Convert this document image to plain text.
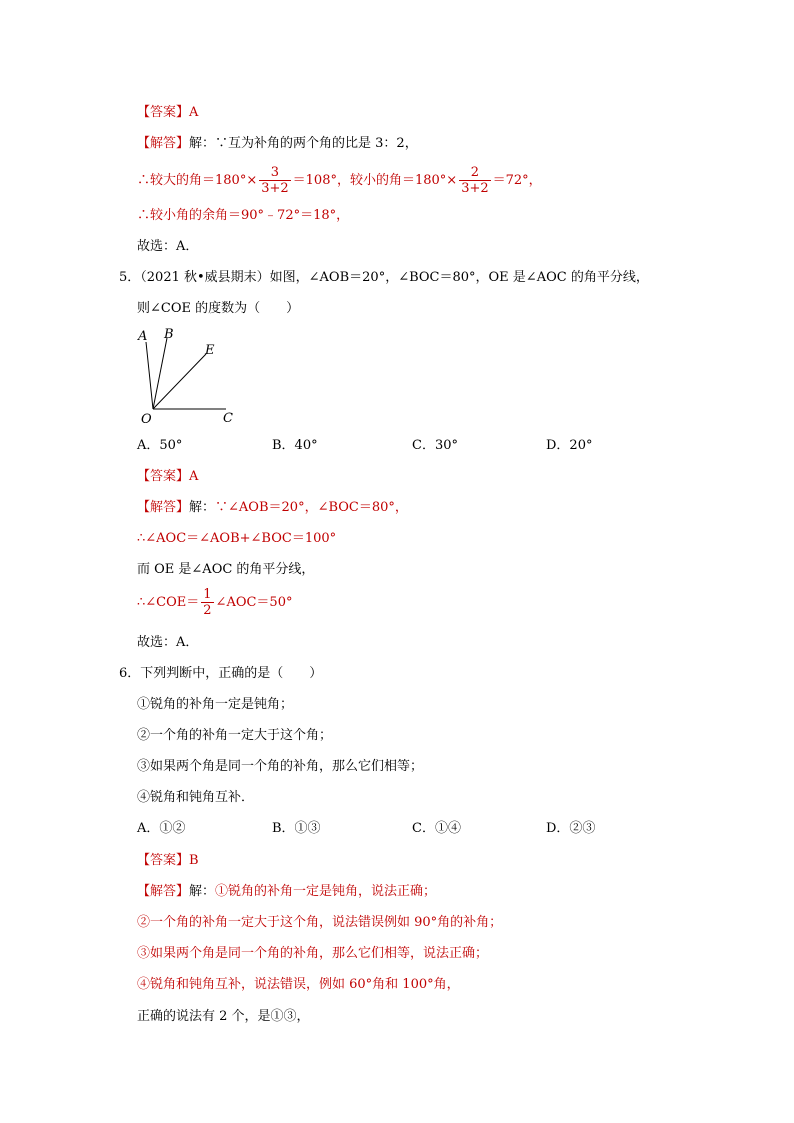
【答案】A
【解答】解：∵互为补角的两个角的比是 3：2，
∴较大的角$=180^\circ\times \frac{3}{3+2} =108^\circ$，较小的角$=180^\circ\times \frac{2}{3+2} =72^\circ$，
∴较小角的余角＝90°﹣72°＝18°，
故选：A．
5．（2021 秋•威县期末）如图，∠AOB＝20°，∠BOC＝80°，OE 是∠AOC 的角平分线，
则∠COE 的度数为（　　）
A B
E
O	C
A．50°	B．40°	C．30°	D．20°
【答案】A
【解答】解：∵∠AOB＝20°，∠BOC＝80°，
∴∠AOC＝∠AOB+∠BOC＝100°
而 OE 是∠AOC 的角平分线，
∴∠COE＝ $\frac{1}{2}$ ∠AOC＝50°
故选：A．
6．下列判断中，正确的是（　　）
①锐角的补角一定是钝角；
②一个角的补角一定大于这个角；
③如果两个角是同一个角的补角，那么它们相等；
④锐角和钝角互补．
A．①②	B．①③	C．①④	D．②③
【答案】B
【解答】解：①锐角的补角一定是钝角，说法正确；
②一个角的补角一定大于这个角，说法错误例如 90°角的补角；
③如果两个角是同一个角的补角，那么它们相等，说法正确；
④锐角和钝角互补，说法错误，例如 60°角和 100°角，
正确的说法有 2 个，是①③，
